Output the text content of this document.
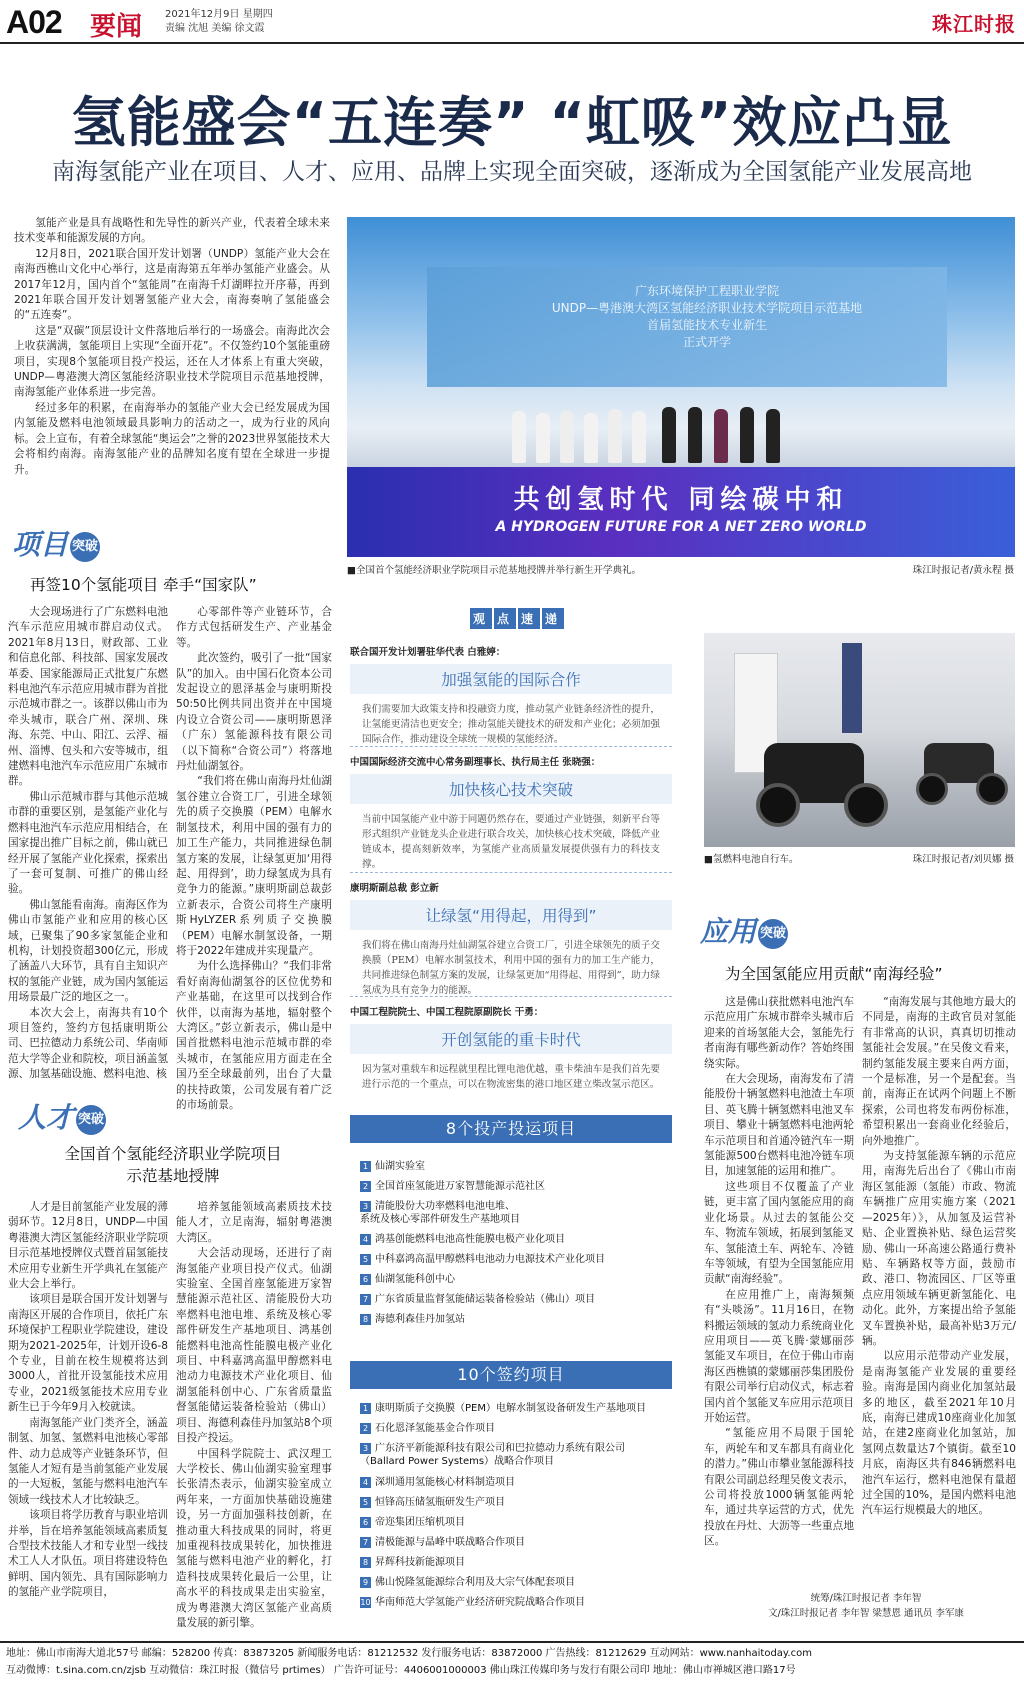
A02 要闻 2021年12月9日 星期四
责编 沈旭 美编 徐文霞	珠江时报
氢能盛会“五连奏” “虹吸”效应凸显
南海氢能产业在项目、人才、应用、品牌上实现全面突破，逐渐成为全国氢能产业发展高地

氢能产业是具有战略性和先导性的新兴产业，代表着全球未来技术变革和能源发展的方向。

12月8日，2021联合国开发计划署（UNDP）氢能产业大会在南海西樵山文化中心举行，这是南海第五年举办氢能产业盛会。从2017年12月，国内首个“氢能周”在南海千灯湖畔拉开序幕，再到2021年联合国开发计划署氢能产业大会，南海奏响了氢能盛会的“五连奏”。

这是“双碳”顶层设计文件落地后举行的一场盛会。南海此次会上收获满满，氢能项目上实现“全面开花”。不仅签约10个氢能重磅项目，实现8个氢能项目投产投运，还在人才体系上有重大突破，UNDP—粤港澳大湾区氢能经济职业技术学院项目示范基地授牌，南海氢能产业体系进一步完善。

经过多年的积累，在南海举办的氢能产业大会已经发展成为国内氢能及燃料电池领域最具影响力的活动之一，成为行业的风向标。会上宣布，有着全球氢能“奥运会”之誉的2023世界氢能技术大会将相约南海。南海氢能产业的品牌知名度有望在全球进一步提升。

广东环境保护工程职业学院
UNDP—粤港澳大湾区氢能经济职业技术学院项目示范基地
首届氢能技术专业新生
正式开学
共创氢时代 同绘碳中和
A HYDROGEN FUTURE FOR A NET ZERO WORLD
■全国首个氢能经济职业学院项目示范基地授牌并举行新生开学典礼。	珠江时报记者/黄永程 摄
项目 突破
再签10个氢能项目 牵手“国家队”

大会现场进行了广东燃料电池汽车示范应用城市群启动仪式。2021年8月13日，财政部、工业和信息化部、科技部、国家发展改革委、国家能源局正式批复广东燃料电池汽车示范应用城市群为首批示范城市群之一。该群以佛山市为牵头城市，联合广州、深圳、珠海、东莞、中山、阳江、云浮、福州、淄博、包头和六安等城市，组建燃料电池汽车示范应用广东城市群。

佛山示范城市群与其他示范城市群的重要区别，是氢能产业化与燃料电池汽车示范应用相结合，在国家提出推广目标之前，佛山就已经开展了氢能产业化探索，探索出了一套可复制、可推广的佛山经验。

佛山氢能看南海。南海区作为佛山市氢能产业和应用的核心区域，已聚集了90多家氢能企业和机构，计划投资超300亿元，形成了涵盖八大环节，具有自主知识产权的氢能产业链，成为国内氢能运用场景最广泛的地区之一。

本次大会上，南海共有10个项目签约，签约方包括康明斯公司、巴拉德动力系统公司、华南师范大学等企业和院校，项目涵盖氢源、加氢基础设施、燃料电池、核

心零部件等产业链环节，合作方式包括研发生产、产业基金等。

此次签约，吸引了一批“国家队”的加入。由中国石化资本公司发起设立的恩泽基金与康明斯投50:50比例共同出资并在中国境内设立合资公司——康明斯恩泽（广东）氢能源科技有限公司（以下简称“合资公司”）将落地丹灶仙湖氢谷。

“我们将在佛山南海丹灶仙湖氢谷建立合资工厂，引进全球领先的质子交换膜（PEM）电解水制氢技术，利用中国的强有力的加工生产能力，共同推进绿色制氢方案的发展，让绿氢更加‘用得起、用得到’，助力绿氢成为具有竞争力的能源。”康明斯副总裁彭立新表示，合资公司将生产康明斯HyLYZER系列质子交换膜（PEM）电解水制氢设备，一期将于2022年建成并实现量产。

为什么选择佛山？“我们非常看好南海仙湖氢谷的区位优势和产业基础，在这里可以找到合作伙伴，以南海为基地，辐射整个大湾区。”彭立新表示，佛山是中国首批燃料电池示范城市群的牵头城市，在氢能应用方面走在全国乃至全球最前列，出台了大量的扶持政策，公司发展有着广泛的市场前景。

人才 突破
全国首个氢能经济职业学院项目
示范基地授牌

人才是目前氢能产业发展的薄弱环节。12月8日，UNDP—中国粤港澳大湾区氢能经济职业学院项目示范基地授牌仪式暨首届氢能技术应用专业新生开学典礼在氢能产业大会上举行。

该项目是联合国开发计划署与南海区开展的合作项目，依托广东环境保护工程职业学院建设，建设期为2021-2025年，计划开设6-8个专业，目前在校生规模将达到3000人，首批开设氢能技术应用专业，2021级氢能技术应用专业新生已于今年9月入校就读。

南海氢能产业门类齐全，涵盖制氢、加氢、氢燃料电池核心零部件、动力总成等产业链条环节，但氢能人才短有是当前氢能产业发展的一大短板，氢能与燃料电池汽车领域一线技术人才比较缺乏。

该项目将学历教育与职业培训并举，旨在培养氢能领域高素质复合型技术技能人才和专业型一线技术工人人才队伍。项目将建设特色鲜明、国内领先、具有国际影响力的氢能产业学院项目，

培养氢能领域高素质技术技能人才，立足南海，辐射粤港澳大湾区。

大会活动现场，还进行了南海氢能产业项目投产仪式。仙湖实验室、全国首座氢能进万家智慧能源示范社区、清能股份大功率燃料电池电堆、系统及核心零部件研发生产基地项目、鸿基创能燃料电池高性能膜电极产业化项目、中科嘉鸿高温甲醇燃料电池动力电源技术产业化项目、仙湖氢能科创中心、广东省质量监督氢能储运装备检验站（佛山）项目、海德利森佳丹加氢站8个项目投产投运。

中国科学院院士、武汉理工大学校长、佛山仙湖实验室理事长张清杰表示，仙湖实验室成立两年来，一方面加快基础设施建设，另一方面加强科技创新，在推动重大科技成果的同时，将更加重视科技成果转化，加快推进氢能与燃料电池产业的孵化，打造科技成果转化最后一公里，让高水平的科技成果走出实验室，成为粤港澳大湾区氢能产业高质量发展的新引擎。

观 点 速 递
联合国开发计划署驻华代表 白雅婷：
加强氢能的国际合作
我们需要加大政策支持和投融资力度，推动氢产业链条经济性的提升，让氢能更清洁也更安全；推动氢能关键技术的研发和产业化；必须加强国际合作，推动建设全球统一规模的氢能经济。
中国国际经济交流中心常务副理事长、执行局主任 张晓强：
加快核心技术突破
当前中国氢能产业中游于同题仍然存在，要通过产业链强，刻新平台等形式组织产业链龙头企业进行联合攻关，加快核心技术突破，降低产业链成本，提高刻新效率，为氢能产业高质量发展提供强有力的科技支撑。
康明斯副总裁 彭立新
让绿氢“用得起，用得到”
我们将在佛山南海丹灶仙湖氢谷建立合资工厂，引进全球领先的质子交换膜（PEM）电解水制氢技术，利用中国的强有力的加工生产能力，共同推进绿色制氢方案的发展，让绿氢更加“用得起、用得到”，助力绿氢成为具有竞争力的能源。
中国工程院院士、中国工程院原副院长 干勇：
开创氢能的重卡时代
因为氢对重载车和远程就里程比锂电池优越，重卡柴油车是我们首先要进行示范的一个重点，可以在物流密集的港口地区建立柴改氢示范区。
■氢燃料电池自行车。	珠江时报记者/刘贝娜 摄
8个投产投运项目
1 仙湖实验室
2 全国首座氢能进万家智慧能源示范社区
3 清能股份大功率燃料电池电堆、
系统及核心零部件研发生产基地项目
4 鸿基创能燃料电池高性能膜电极产业化项目
5 中科嘉鸿高温甲醇燃料电池动力电源技术产业化项目
6 仙湖氢能科创中心
7 广东省质量监督氢能储运装备检验站（佛山）项目
8 海德利森佳丹加氢站
10个签约项目
1 康明斯质子交换膜（PEM）电解水制氢设备研发生产基地项目
2 石化恩泽氢能基金合作项目
3 广东济平新能源科技有限公司和巴拉德动力系统有限公司
（Ballard Power Systems）战略合作项目
4 深圳通用氢能核心材料制造项目
5 恒锋高压储氢瓶研发生产项目
6 帝迩集团压缩机项目
7 清极能源与晶峰中联战略合作项目
8 昇辉科技新能源项目
9 佛山悦隆氢能源综合利用及大宗气体配套项目
10 华南师范大学氢能产业经济研究院战略合作项目
应用 突破
为全国氢能应用贡献“南海经验”

这是佛山获批燃料电池汽车示范应用广东城市群牵头城市后迎来的首场氢能大会，氢能先行者南海有哪些新动作？答始终围绕实际。

在大会现场，南海发布了清能股份十辆氢燃料电池渣土车项目、英飞腾十辆氢燃料电池叉车项目、攀业十辆氢燃料电池两轮车示范项目和首通冷链汽车一期氢能源500台燃料电池冷链车项目，加速氢能的运用和推广。

这些项目不仅覆盖了产业链，更丰富了国内氢能应用的商业化场景。从过去的氢能公交车、物流车领域，拓展到氢能叉车、氢能渣土车、两轮车、冷链车等领域，有望为全国氢能应用贡献“南海经验”。

在应用推广上，南海频频有“头啖汤”。11月16日，在物料搬运领域的氢动力系统商业化应用项目——英飞腾·蒙娜丽莎氢能叉车项目，在位于佛山市南海区西樵镇的蒙娜丽莎集团股份有限公司举行启动仪式，标志着国内首个氢能叉车应用示范项目开始运营。

“氢能应用不局限于国轮车，两轮车和叉车都具有商业化的潜力。”佛山市攀业氢能源科技有限公司副总经理吴俊文表示，公司将投放1000辆氢能两轮车，通过共享运营的方式，优先投放在丹灶、大沥等一些重点地区。

“南海发展与其他地方最大的不同是，南海的主政官员对氢能有非常高的认识，真真切切推动氢能社会发展。”在吴俊文看来，制约氢能发展主要来自两方面，一个是标准，另一个是配套。当前，南海正在试两个问题上不断探索，公司也将发布两份标准，希望积累出一套商业化经验后，向外地推广。

为支持氢能源车辆的示范应用，南海先后出台了《佛山市南海区氢能源（氢能）市政、物流车辆推广应用实施方案（2021—2025年）》，从加氢及运营补贴、企业置换补贴、绿色运营奖励、佛山一环高速公路通行费补贴、车辆路权等方面，鼓励市政、港口、物流园区、厂区等重点应用领域车辆更新氢能化、电动化。此外，方案提出给予氢能叉车置换补贴，最高补贴3万元/辆。

以应用示范带动产业发展，是南海氢能产业发展的重要经验。南海是国内商业化加氢站最多的地区，截至2021年10月底，南海已建成10座商业化加氢站，在建2座商业化加氢站，加氢网点数量达7个镇街。截至10月底，南海区共有846辆燃料电池汽车运行，燃料电池保有量超过全国的10%，是国内燃料电池汽车运行规模最大的地区。

统筹/珠江时报记者 李年智
文/珠江时报记者 李年智 梁慧恩 通讯员 李军康
地址：佛山市南海大道北57号 邮编：528200 传真：83873205 新闻服务电话：81212532 发行服务电话：83872000 广告热线：81212629 互动网站：www.nanhaitoday.com
互动微博：t.sina.com.cn/zjsb 互动微信：珠江时报（微信号 prtimes） 广告许可证号：4406001000003 佛山珠江传媒印务与发行有限公司印 地址：佛山市禅城区港口路17号
